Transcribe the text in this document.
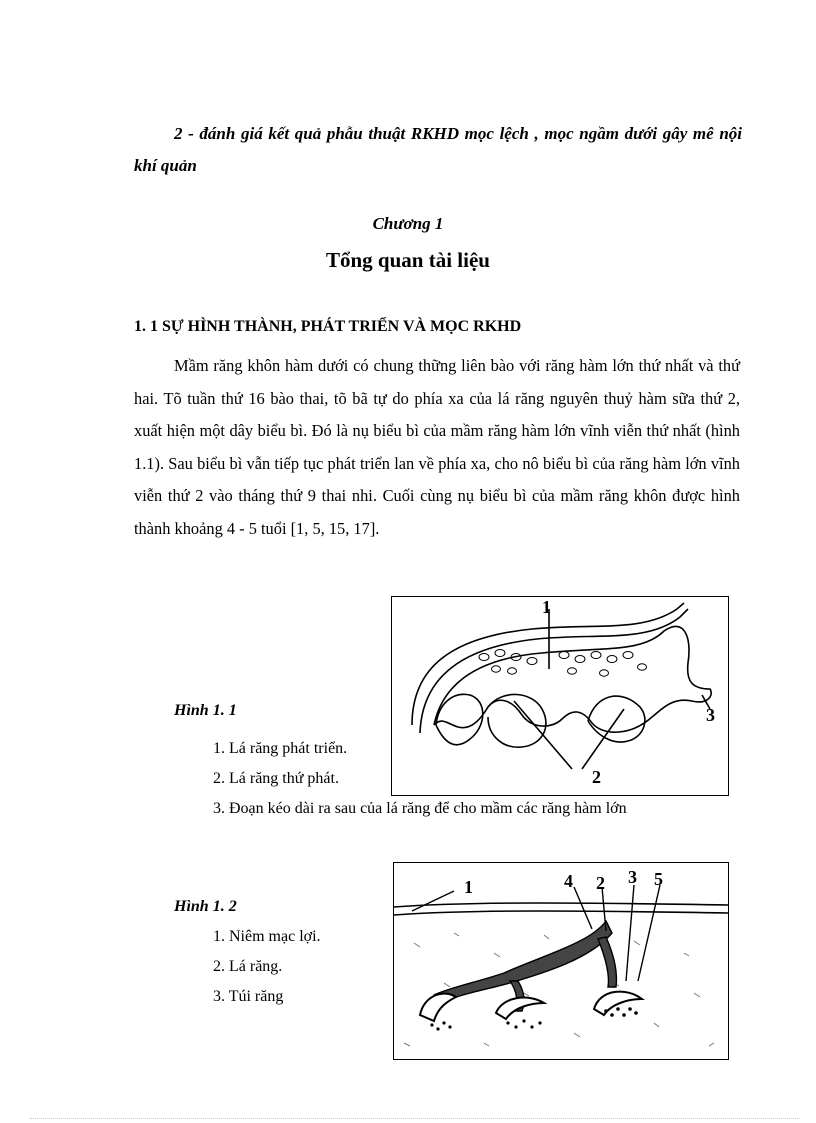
2 - đánh giá kết quả phẫu thuật RKHD mọc lệch , mọc ngầm dưới gây mê nội khí quản
Chương 1
Tổng quan tài liệu
1. 1 SỰ HÌNH THÀNH, PHÁT TRIỂN VÀ MỌC RKHD
Mầm răng khôn hàm dưới có chung thững liên bào với răng hàm lớn thứ nhất và thứ hai. Tõ tuần thứ 16 bào thai, tõ bã tự do phía xa của lá răng nguyên thuỷ hàm sữa thứ 2, xuất hiện một dây biểu bì. Đó là nụ biểu bì của mầm răng hàm lớn vĩnh viễn thứ nhất (hình 1.1). Sau biểu bì vẫn tiếp tục phát triển lan về phía xa, cho nô biểu bì của răng hàm lớn vĩnh viễn thứ 2 vào tháng thứ 9 thai nhi. Cuối cùng nụ biểu bì của mầm răng khôn được hình thành khoảng 4 - 5 tuổi [1, 5, 15, 17].
1
2
3
Hình 1. 1
1. Lá răng phát triển.
2. Lá răng thứ phát.
3. Đoạn kéo dài ra sau của lá răng để cho mầm các răng hàm lớn
1	4 2 3 5
Hình 1. 2
1. Niêm mạc lợi.
2. Lá răng.
3. Túi răng
